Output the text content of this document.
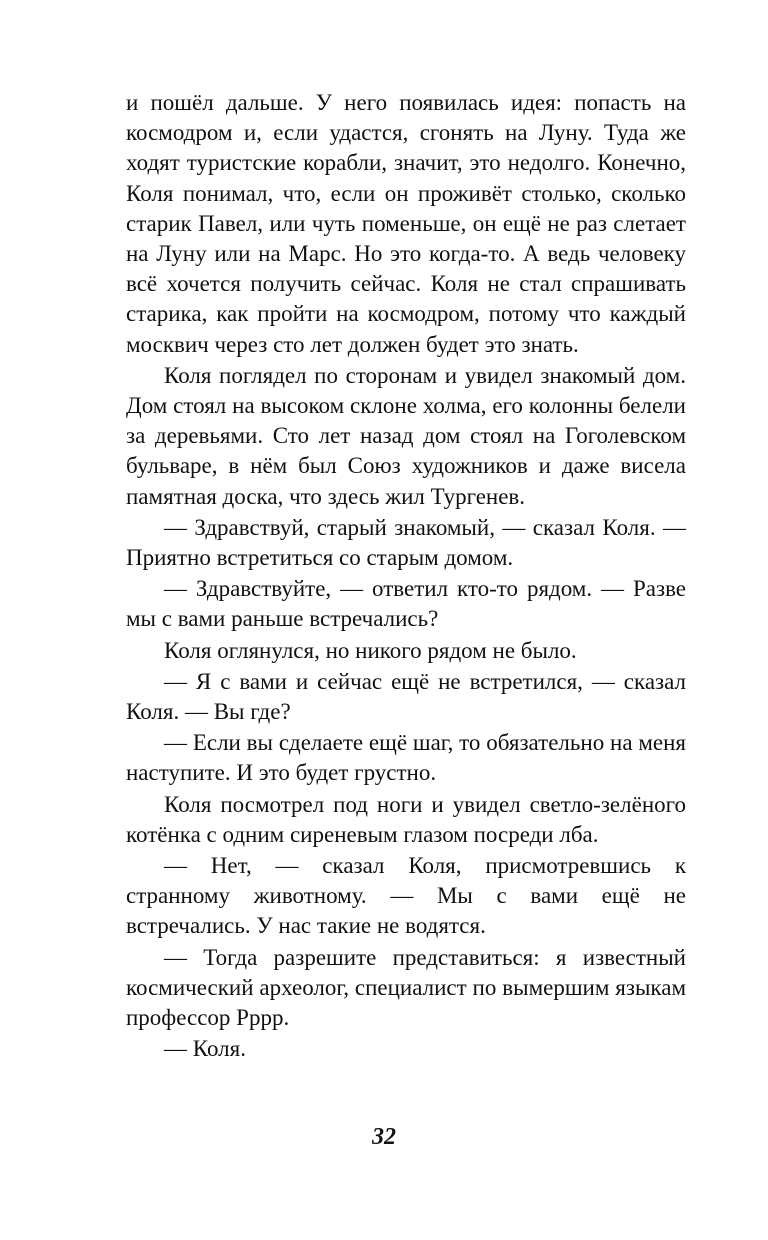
и пошёл дальше. У него появилась идея: попасть на космодром и, если удастся, сгонять на Луну. Туда же ходят туристские корабли, значит, это недолго. Конечно, Коля понимал, что, если он проживёт столько, сколько старик Павел, или чуть поменьше, он ещё не раз слетает на Луну или на Марс. Но это когда-то. А ведь человеку всё хочется получить сейчас. Коля не стал спрашивать старика, как пройти на космодром, потому что каждый москвич через сто лет должен будет это знать.

Коля поглядел по сторонам и увидел знакомый дом. Дом стоял на высоком склоне холма, его колонны белели за деревьями. Сто лет назад дом стоял на Гоголевском бульваре, в нём был Союз художников и даже висела памятная доска, что здесь жил Тургенев.

— Здравствуй, старый знакомый, — сказал Коля. — Приятно встретиться со старым домом.

— Здравствуйте, — ответил кто-то рядом. — Разве мы с вами раньше встречались?

Коля оглянулся, но никого рядом не было.

— Я с вами и сейчас ещё не встретился, — сказал Коля. — Вы где?

— Если вы сделаете ещё шаг, то обязательно на меня наступите. И это будет грустно.

Коля посмотрел под ноги и увидел светло-зелёного котёнка с одним сиреневым глазом посреди лба.

— Нет, — сказал Коля, присмотревшись к странному животному. — Мы с вами ещё не встречались. У нас такие не водятся.

— Тогда разрешите представиться: я известный космический археолог, специалист по вымершим языкам профессор Рррр.

— Коля.

32
